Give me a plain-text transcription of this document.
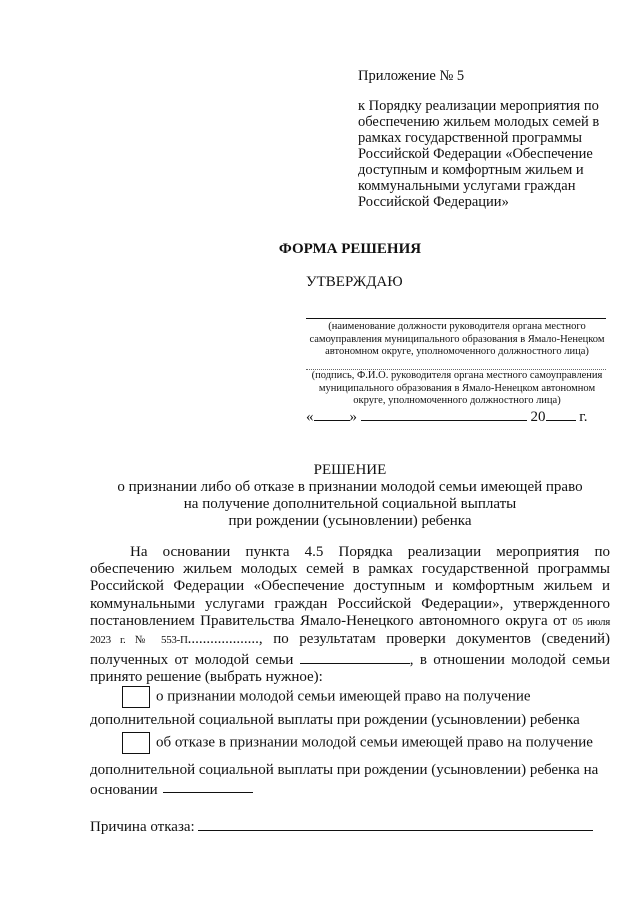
Приложение № 5
к Порядку реализации мероприятия по
обеспечению жильем молодых семей в
рамках государственной программы
Российской Федерации «Обеспечение
доступным и комфортным жильем и
коммунальными услугами граждан
Российской Федерации»
ФОРМА РЕШЕНИЯ
УТВЕРЖДАЮ
(наименование должности руководителя органа местного самоуправления муниципального образования в Ямало-Ненецком автономном округе, уполномоченного должностного лица)
(подпись, Ф.И.О. руководителя органа местного самоуправления муниципального образования в Ямало-Ненецком автономном округе, уполномоченного должностного лица)
« »	20 г.
РЕШЕНИЕ
о признании либо об отказе в признании молодой семьи имеющей право
на получение дополнительной социальной выплаты
при рождении (усыновлении) ребенка

На основании пункта 4.5 Порядка реализации мероприятия по обеспечению жильем молодых семей в рамках государственной программы Российской Федерации «Обеспечение доступным и комфортным жильем и коммунальными услугами граждан Российской Федерации», утвержденного постановлением Правительства Ямало-Ненецкого автономного округа от 05 июля 2023 г. № 553-П..................., по результатам проверки документов (сведений) полученных от молодой семьи	, в отношении молодой семьи принято решение (выбрать нужное):

о признании молодой семьи имеющей право на получение
дополнительной социальной выплаты при рождении (усыновлении) ребенка
об отказе в признании молодой семьи имеющей право на получение
дополнительной социальной выплаты при рождении (усыновлении) ребенка на основании
Причина отказа:
